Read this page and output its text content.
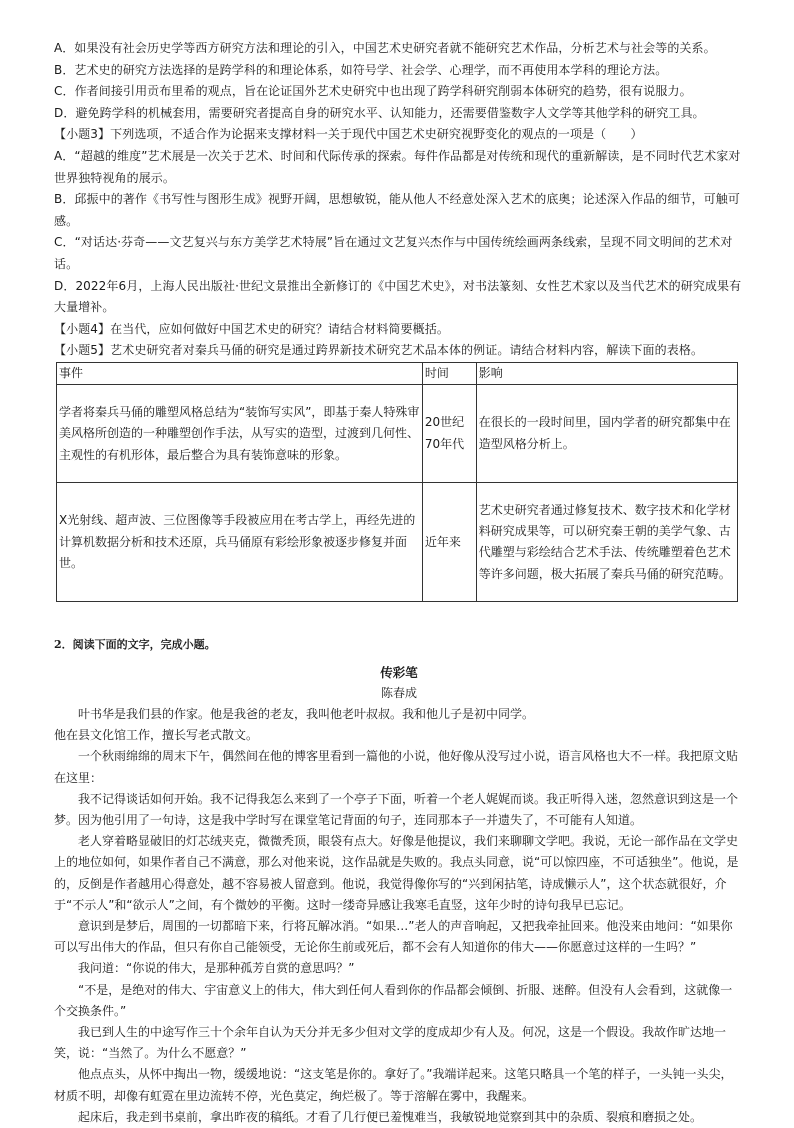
A．如果没有社会历史学等西方研究方法和理论的引入，中国艺术史研究者就不能研究艺术作品，分析艺术与社会等的关系。

B．艺术史的研究方法选择的是跨学科的和理论体系，如符号学、社会学、心理学，而不再使用本学科的理论方法。

C．作者间接引用贡布里希的观点，旨在论证国外艺术史研究中也出现了跨学科研究削弱本体研究的趋势，很有说服力。

D．避免跨学科的机械套用，需要研究者提高自身的研究水平、认知能力，还需要借鉴数字人文学等其他学科的研究工具。

【小题3】下列选项，不适合作为论据来支撑材料一关于现代中国艺术史研究视野变化的观点的一项是（　　）

A．“超越的维度”艺术展是一次关于艺术、时间和代际传承的探索。每件作品都是对传统和现代的重新解读，是不同时代艺术家对世界独特视角的展示。

B．邱振中的著作《书写性与图形生成》视野开阔，思想敏锐，能从他人不经意处深入艺术的底奥；论述深入作品的细节，可触可感。

C．“对话达·芬奇——文艺复兴与东方美学艺术特展”旨在通过文艺复兴杰作与中国传统绘画两条线索，呈现不同文明间的艺术对话。

D．2022年6月，上海人民出版社·世纪文景推出全新修订的《中国艺术史》，对书法篆刻、女性艺术家以及当代艺术的研究成果有大量增补。

【小题4】在当代，应如何做好中国艺术史的研究？请结合材料简要概括。

【小题5】艺术史研究者对秦兵马俑的研究是通过跨界新技术研究艺术品本体的例证。请结合材料内容，解读下面的表格。

事件	时间	影响
学者将秦兵马俑的雕塑风格总结为“装饰写实风”，即基于秦人特殊审美风格所创造的一种雕塑创作手法，从写实的造型，过渡到几何性、主观性的有机形体，最后整合为具有装饰意味的形象。	20世纪70年代	在很长的一段时间里，国内学者的研究都集中在造型风格分析上。
X光射线、超声波、三位图像等手段被应用在考古学上，再经先进的计算机数据分析和技术还原，兵马俑原有彩绘形象被逐步修复并面世。	近年来	艺术史研究者通过修复技术、数字技术和化学材料研究成果等，可以研究秦王朝的美学气象、古代雕塑与彩绘结合艺术手法、传统雕塑着色艺术等许多问题，极大拓展了秦兵马俑的研究范畴。

2．阅读下面的文字，完成小题。

传彩笔

陈春成

叶书华是我们县的作家。他是我爸的老友，我叫他老叶叔叔。我和他儿子是初中同学。

他在县文化馆工作，擅长写老式散文。

一个秋雨绵绵的周末下午，偶然间在他的博客里看到一篇他的小说，他好像从没写过小说，语言风格也大不一样。我把原文贴在这里：

我不记得谈话如何开始。我不记得我怎么来到了一个亭子下面，听着一个老人娓娓而谈。我正听得入迷，忽然意识到这是一个梦。因为他引用了一句诗，这是我中学时写在课堂笔记背面的句子，连同那本子一并遗失了，不可能有人知道。

老人穿着略显破旧的灯芯绒夹克，微微秃顶，眼袋有点大。好像是他提议，我们来聊聊文学吧。我说，无论一部作品在文学史上的地位如何，如果作者自己不满意，那么对他来说，这作品就是失败的。我点头同意，说“可以惊四座，不可适独坐”。他说，是的，反倒是作者越用心得意处，越不容易被人留意到。他说，我觉得像你写的“兴到闲拈笔，诗成懒示人”，这个状态就很好，介于“不示人”和“欲示人”之间，有个微妙的平衡。这时一缕奇异感让我寒毛直竖，这年少时的诗句我早已忘记。

意识到是梦后，周围的一切都暗下来，行将瓦解冰消。“如果…”老人的声音响起，又把我牵扯回来。他没来由地问：“如果你可以写出伟大的作品，但只有你自己能领受，无论你生前或死后，都不会有人知道你的伟大——你愿意过这样的一生吗？”

我问道：“你说的伟大，是那种孤芳自赏的意思吗？”

“不是，是绝对的伟大、宇宙意义上的伟大，伟大到任何人看到你的作品都会倾倒、折服、迷醉。但没有人会看到，这就像一个交换条件。”

我已到人生的中途写作三十个余年自认为天分并无多少但对文学的度成却少有人及。何况，这是一个假设。我故作旷达地一笑，说：“当然了。为什么不愿意？”

他点点头，从怀中掏出一物，缓缓地说：“这支笔是你的。拿好了。”我端详起来。这笔只略具一个笔的样子，一头钝一头尖，材质不明，却像有虹霓在里边流转不停，光色莫定，绚烂极了。等于溶解在雾中，我醒来。

起床后，我走到书桌前，拿出昨夜的稿纸。才看了几行便已羞愧难当，我敏锐地觉察到其中的杂质、裂痕和磨损之处。
